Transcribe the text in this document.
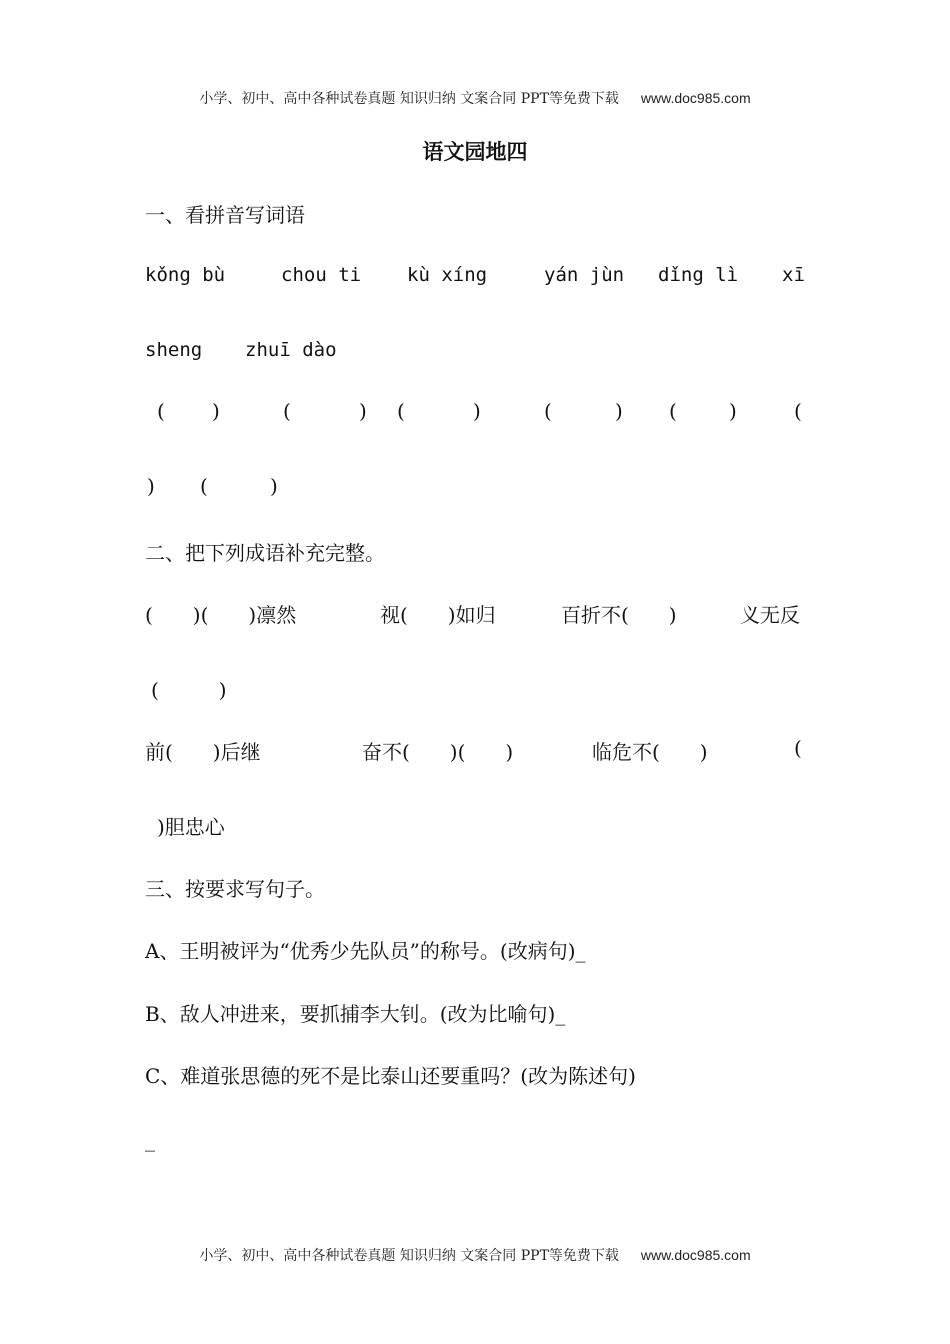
小学、初中、高中各种试卷真题 知识归纳 文案合同 PPT等免费下载 www.doc985.com
语文园地四
一、看拼音写词语
kǒng bù	chou ti kù xíng	yán jùn dǐng lì xī
sheng zhuī dào
( )	(	) (	)	(	) (	)	(
) (	)
二、把下列成语补充完整。
(　　)(　　)凛然	视(　　)如归	百折不(　　)	义无反
(　　　)
前(　　)后继	奋不(　　)(　　)	临危不(　　)	(
)胆忠心
三、按要求写句子。
A、王明被评为“优秀少先队员”的称号。(改病句)_
B、敌人冲进来，要抓捕李大钊。(改为比喻句)_
C、难道张思德的死不是比泰山还要重吗？(改为陈述句)
_
小学、初中、高中各种试卷真题 知识归纳 文案合同 PPT等免费下载 www.doc985.com
